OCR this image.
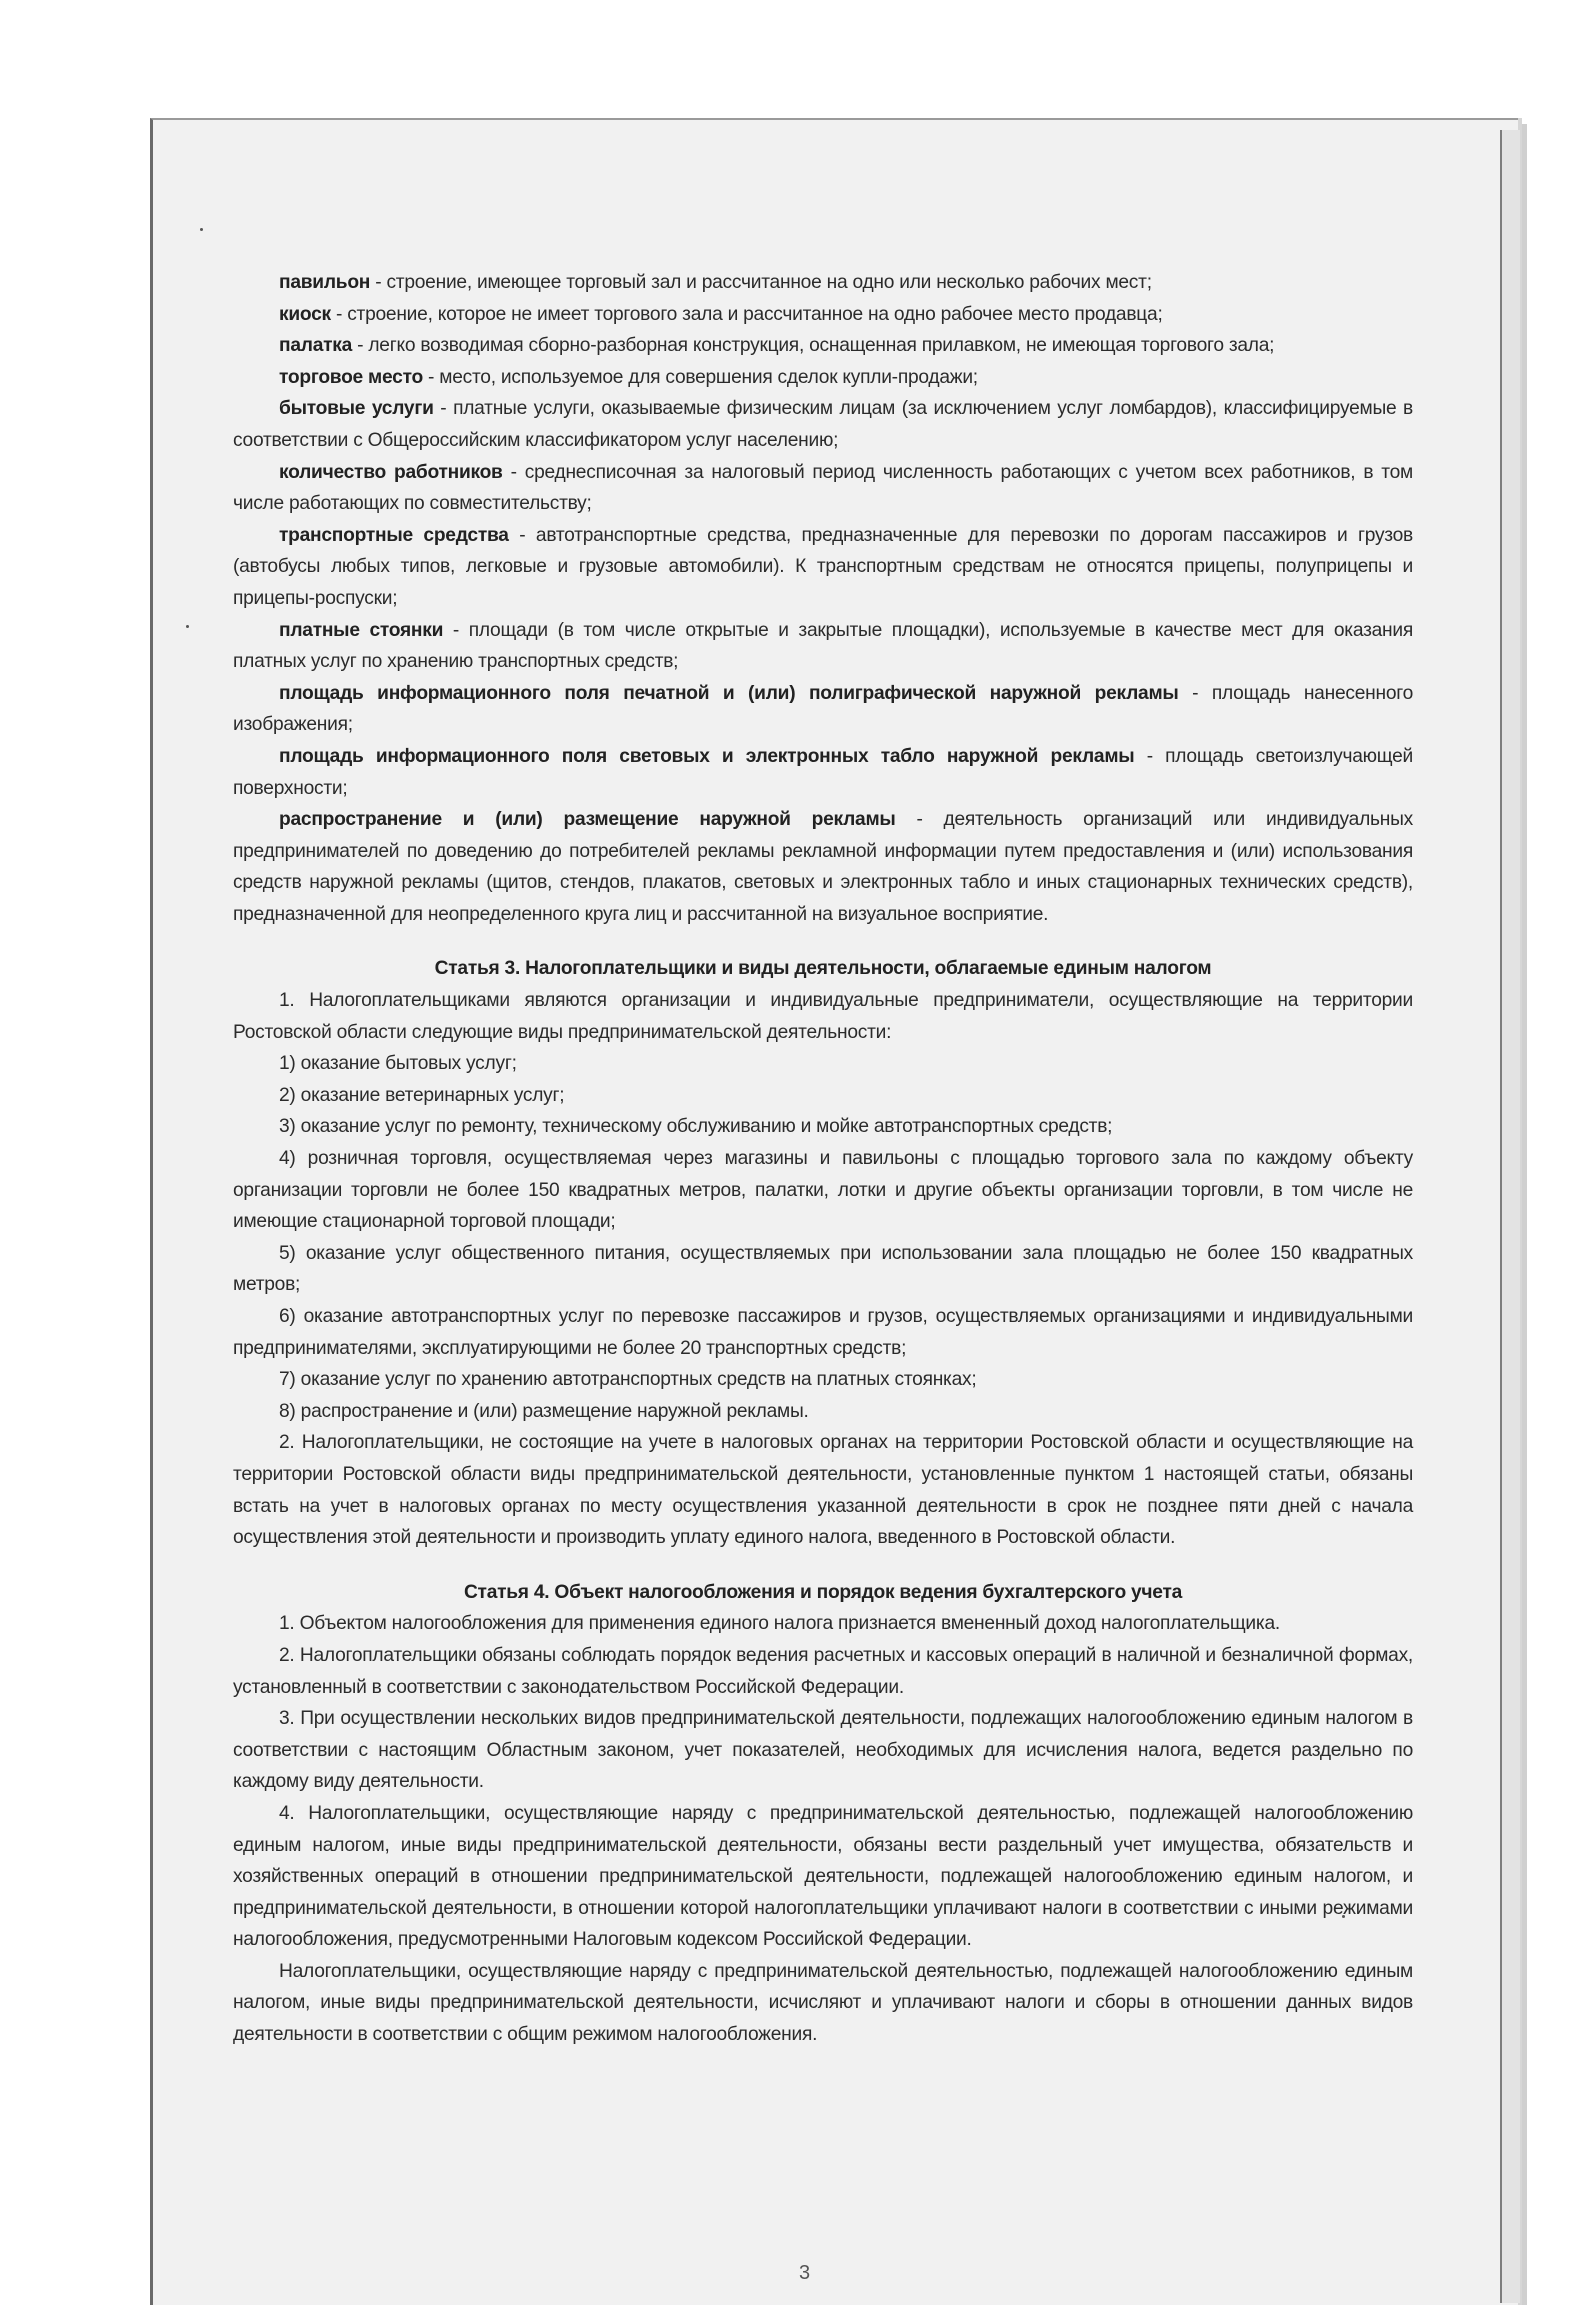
павильон - строение, имеющее торговый зал и рассчитанное на одно или несколько рабочих мест;

киоск - строение, которое не имеет торгового зала и рассчитанное на одно рабочее место продавца;

палатка - легко возводимая сборно-разборная конструкция, оснащенная прилавком, не имеющая торгового зала;

торговое место - место, используемое для совершения сделок купли-продажи;

бытовые услуги - платные услуги, оказываемые физическим лицам (за исключением услуг ломбардов), классифицируемые в соответствии с Общероссийским классификатором услуг населению;

количество работников - среднесписочная за налоговый период численность работающих с учетом всех работников, в том числе работающих по совместительству;

транспортные средства - автотранспортные средства, предназначенные для перевозки по дорогам пассажиров и грузов (автобусы любых типов, легковые и грузовые автомобили). К транспортным средствам не относятся прицепы, полуприцепы и прицепы-роспуски;

платные стоянки - площади (в том числе открытые и закрытые площадки), используемые в качестве мест для оказания платных услуг по хранению транспортных средств;

площадь информационного поля печатной и (или) полиграфической наружной рекламы - площадь нанесенного изображения;

площадь информационного поля световых и электронных табло наружной рекламы - площадь светоизлучающей поверхности;

распространение и (или) размещение наружной рекламы - деятельность организаций или индивидуальных предпринимателей по доведению до потребителей рекламы рекламной информации путем предоставления и (или) использования средств наружной рекламы (щитов, стендов, плакатов, световых и электронных табло и иных стационарных технических средств), предназначенной для неопределенного круга лиц и рассчитанной на визуальное восприятие.

Статья 3. Налогоплательщики и виды деятельности, облагаемые единым налогом

1. Налогоплательщиками являются организации и индивидуальные предприниматели, осуществляющие на территории Ростовской области следующие виды предпринимательской деятельности:

1) оказание бытовых услуг;

2) оказание ветеринарных услуг;

3) оказание услуг по ремонту, техническому обслуживанию и мойке автотранспортных средств;

4) розничная торговля, осуществляемая через магазины и павильоны с площадью торгового зала по каждому объекту организации торговли не более 150 квадратных метров, палатки, лотки и другие объекты организации торговли, в том числе не имеющие стационарной торговой площади;

5) оказание услуг общественного питания, осуществляемых при использовании зала площадью не более 150 квадратных метров;

6) оказание автотранспортных услуг по перевозке пассажиров и грузов, осуществляемых организациями и индивидуальными предпринимателями, эксплуатирующими не более 20 транспортных средств;

7) оказание услуг по хранению автотранспортных средств на платных стоянках;

8) распространение и (или) размещение наружной рекламы.

2. Налогоплательщики, не состоящие на учете в налоговых органах на территории Ростовской области и осуществляющие на территории Ростовской области виды предпринимательской деятельности, установленные пунктом 1 настоящей статьи, обязаны встать на учет в налоговых органах по месту осуществления указанной деятельности в срок не позднее пяти дней с начала осуществления этой деятельности и производить уплату единого налога, введенного в Ростовской области.

Статья 4. Объект налогообложения и порядок ведения бухгалтерского учета

1. Объектом налогообложения для применения единого налога признается вмененный доход налогоплательщика.

2. Налогоплательщики обязаны соблюдать порядок ведения расчетных и кассовых операций в наличной и безналичной формах, установленный в соответствии с законодательством Российской Федерации.

3. При осуществлении нескольких видов предпринимательской деятельности, подлежащих налогообложению единым налогом в соответствии с настоящим Областным законом, учет показателей, необходимых для исчисления налога, ведется раздельно по каждому виду деятельности.

4. Налогоплательщики, осуществляющие наряду с предпринимательской деятельностью, подлежащей налогообложению единым налогом, иные виды предпринимательской деятельности, обязаны вести раздельный учет имущества, обязательств и хозяйственных операций в отношении предпринимательской деятельности, подлежащей налогообложению единым налогом, и предпринимательской деятельности, в отношении которой налогоплательщики уплачивают налоги в соответствии с иными режимами налогообложения, предусмотренными Налоговым кодексом Российской Федерации.

Налогоплательщики, осуществляющие наряду с предпринимательской деятельностью, подлежащей налогообложению единым налогом, иные виды предпринимательской деятельности, исчисляют и уплачивают налоги и сборы в отношении данных видов деятельности в соответствии с общим режимом налогообложения.

3
